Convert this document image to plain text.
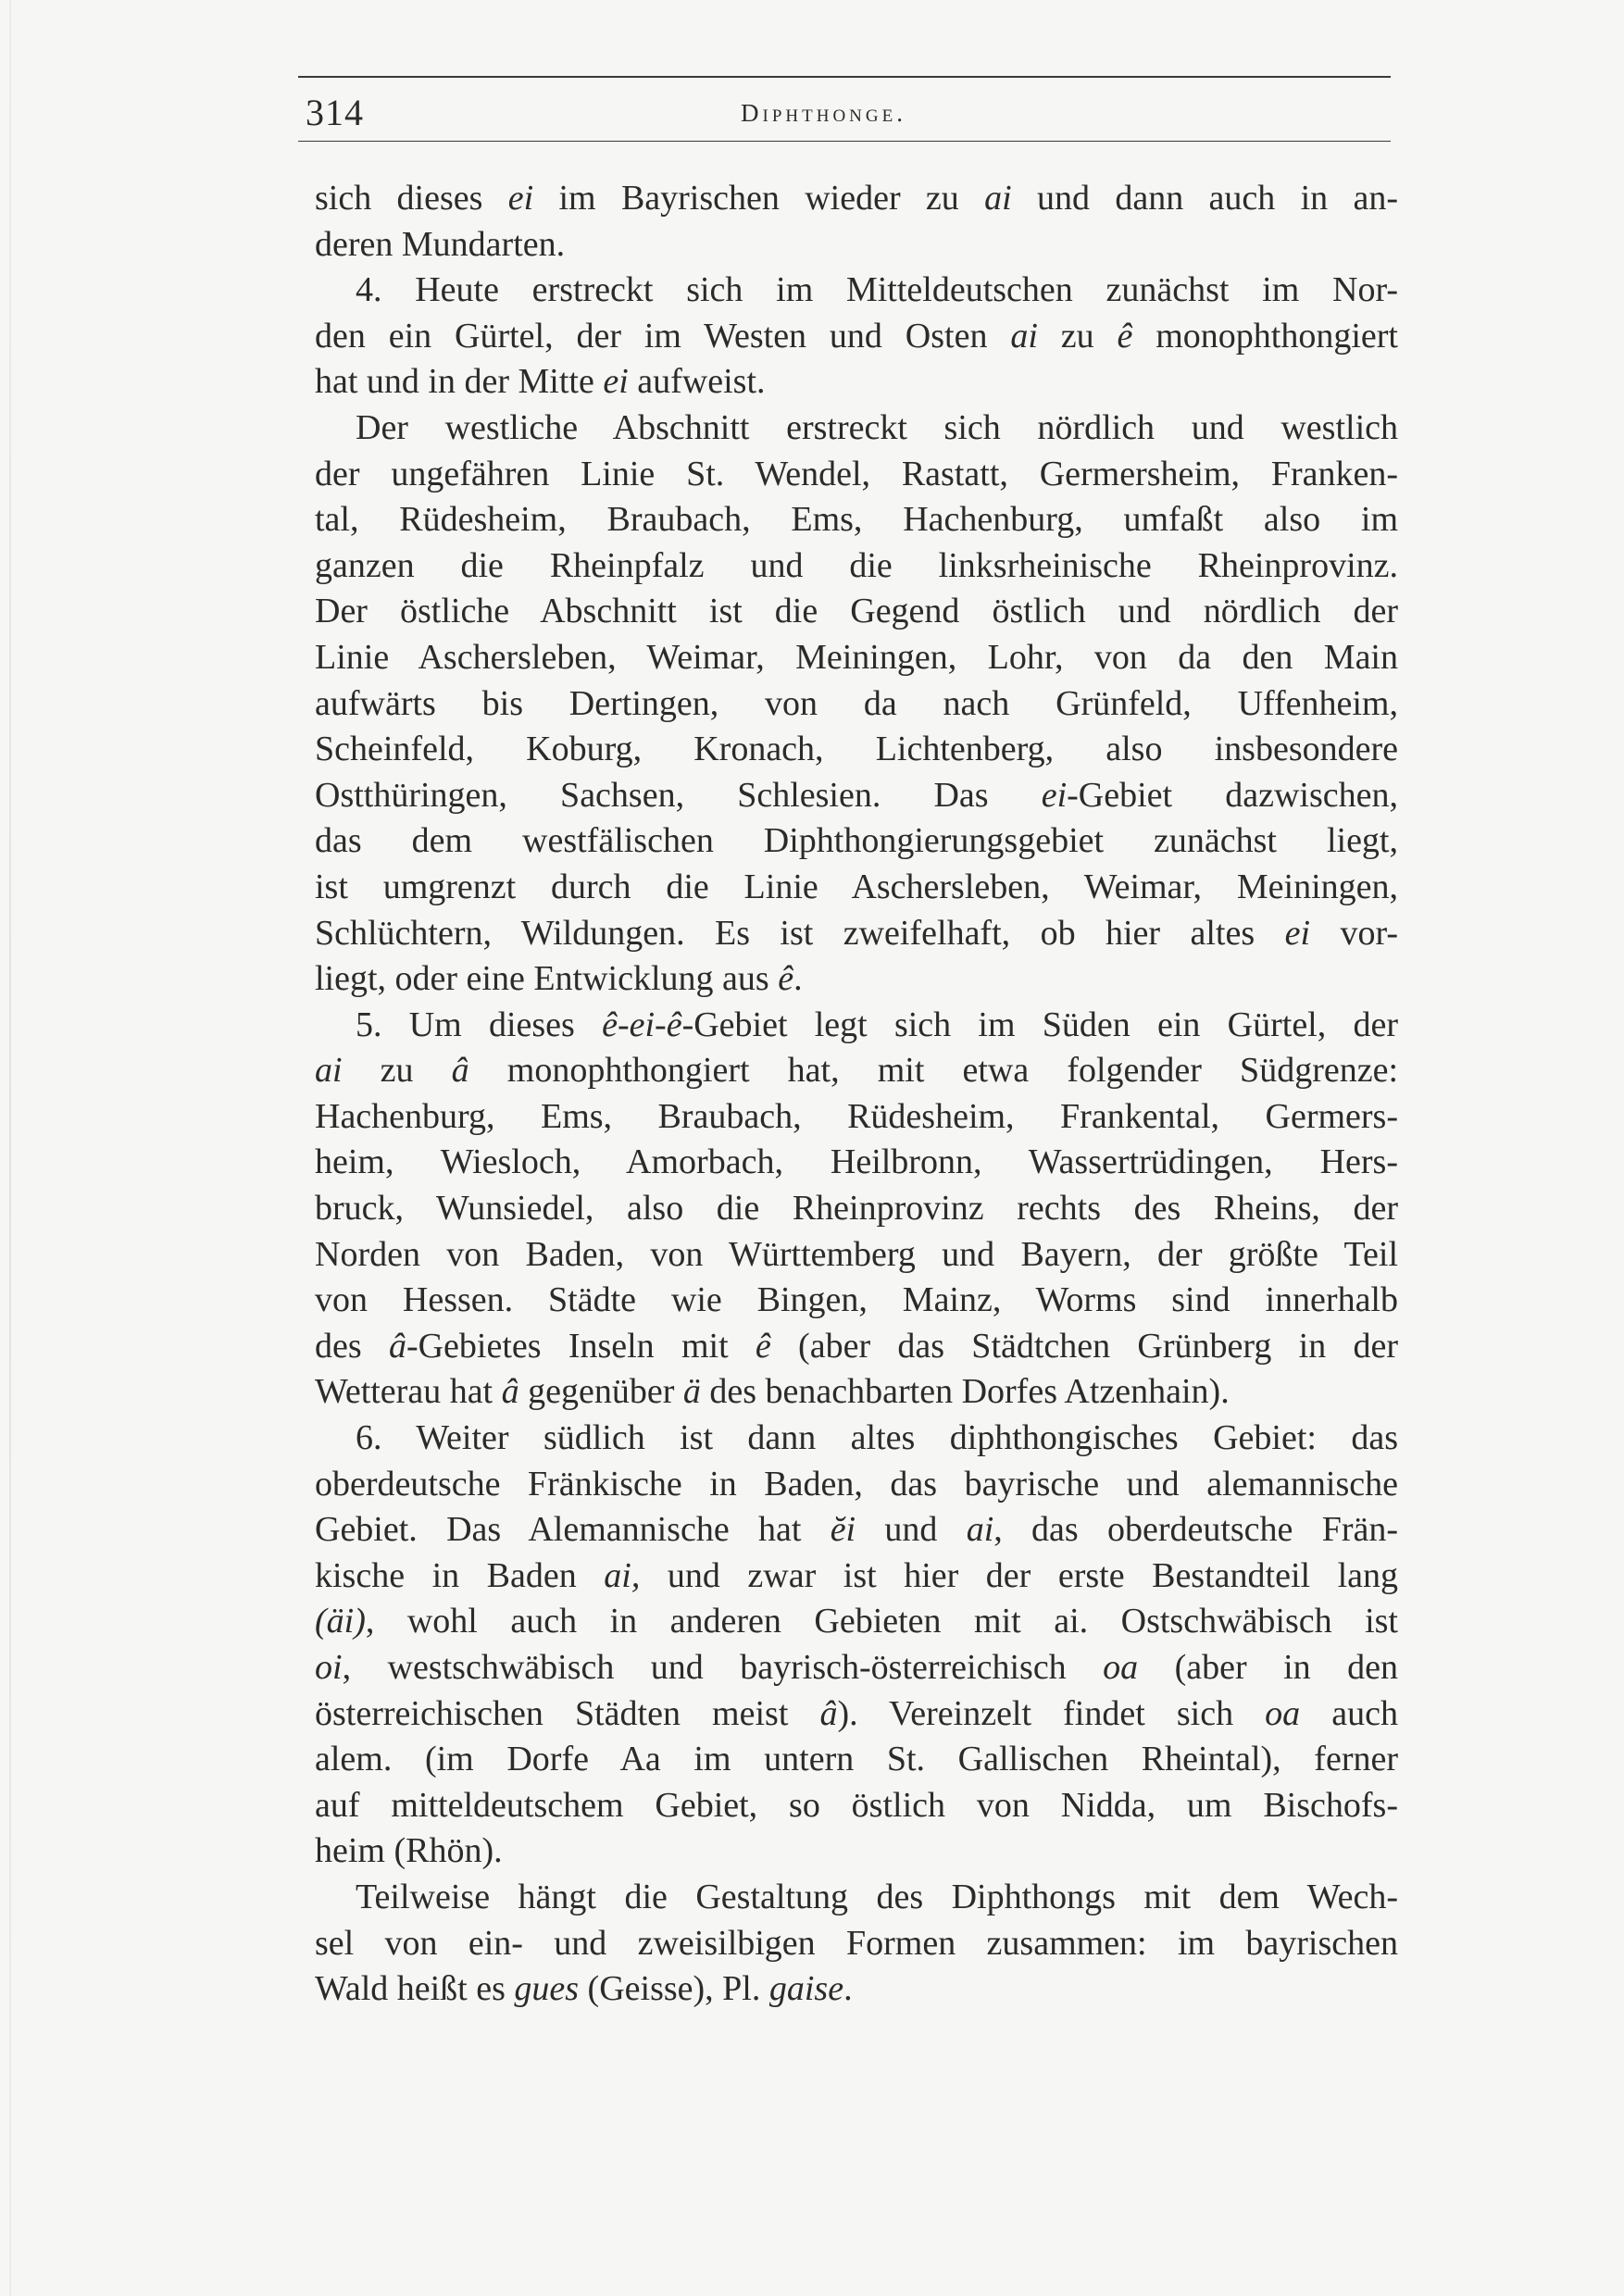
314	Diphthonge.
sich dieses ei im Bayrischen wieder zu ai und dann auch in an-
deren Mundarten.
4. Heute erstreckt sich im Mitteldeutschen zunächst im Nor-
den ein Gürtel, der im Westen und Osten ai zu ê monophthongiert
hat und in der Mitte ei aufweist.
Der westliche Abschnitt erstreckt sich nördlich und westlich
der ungefähren Linie St. Wendel, Rastatt, Germersheim, Franken-
tal, Rüdesheim, Braubach, Ems, Hachenburg, umfaßt also im
ganzen die Rheinpfalz und die linksrheinische Rheinprovinz.
Der östliche Abschnitt ist die Gegend östlich und nördlich der
Linie Aschersleben, Weimar, Meiningen, Lohr, von da den Main
aufwärts bis Dertingen, von da nach Grünfeld, Uffenheim,
Scheinfeld, Koburg, Kronach, Lichtenberg, also insbesondere
Ostthüringen, Sachsen, Schlesien. Das ei-Gebiet dazwischen,
das dem westfälischen Diphthongierungsgebiet zunächst liegt,
ist umgrenzt durch die Linie Aschersleben, Weimar, Meiningen,
Schlüchtern, Wildungen. Es ist zweifelhaft, ob hier altes ei vor-
liegt, oder eine Entwicklung aus ê.
5. Um dieses ê-ei-ê-Gebiet legt sich im Süden ein Gürtel, der
ai zu â monophthongiert hat, mit etwa folgender Südgrenze:
Hachenburg, Ems, Braubach, Rüdesheim, Frankental, Germers-
heim, Wiesloch, Amorbach, Heilbronn, Wassertrüdingen, Hers-
bruck, Wunsiedel, also die Rheinprovinz rechts des Rheins, der
Norden von Baden, von Württemberg und Bayern, der größte Teil
von Hessen. Städte wie Bingen, Mainz, Worms sind innerhalb
des â-Gebietes Inseln mit ê (aber das Städtchen Grünberg in der
Wetterau hat â gegenüber ä des benachbarten Dorfes Atzenhain).
6. Weiter südlich ist dann altes diphthongisches Gebiet: das
oberdeutsche Fränkische in Baden, das bayrische und alemannische
Gebiet. Das Alemannische hat ĕi und ai, das oberdeutsche Frän-
kische in Baden ai, und zwar ist hier der erste Bestandteil lang
(äi), wohl auch in anderen Gebieten mit ai. Ostschwäbisch ist
oi, westschwäbisch und bayrisch-österreichisch oa (aber in den
österreichischen Städten meist â). Vereinzelt findet sich oa auch
alem. (im Dorfe Aa im untern St. Gallischen Rheintal), ferner
auf mitteldeutschem Gebiet, so östlich von Nidda, um Bischofs-
heim (Rhön).
Teilweise hängt die Gestaltung des Diphthongs mit dem Wech-
sel von ein- und zweisilbigen Formen zusammen: im bayrischen
Wald heißt es gues (Geisse), Pl. gaise.
